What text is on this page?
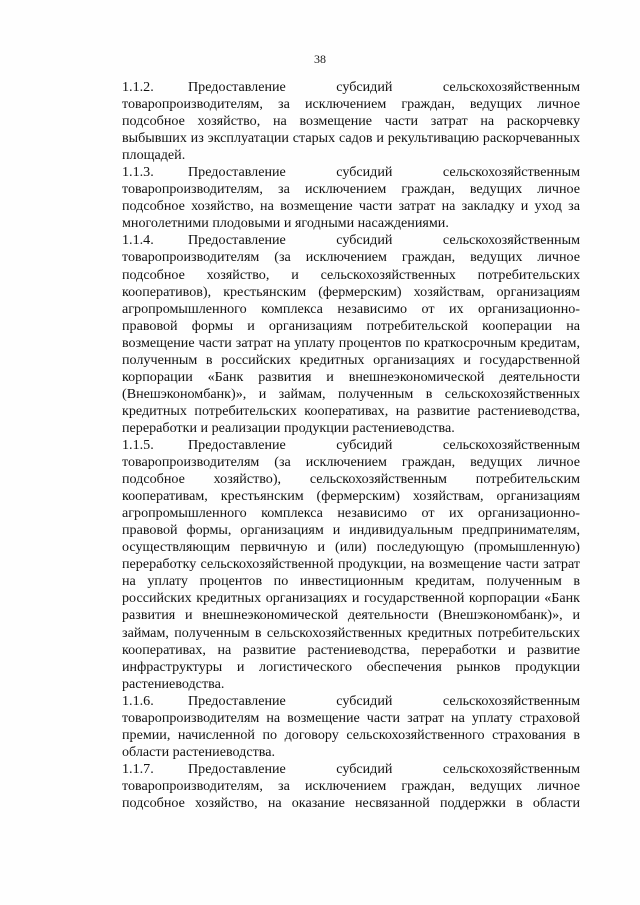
38
1.1.2. Предоставление субсидий сельскохозяйственным
товаропроизводителям, за исключением граждан, ведущих личное подсобное хозяйство, на возмещение части затрат на раскорчевку выбывших из эксплуатации старых садов и рекультивацию раскорчеванных площадей.
1.1.3. Предоставление субсидий сельскохозяйственным
товаропроизводителям, за исключением граждан, ведущих личное подсобное хозяйство, на возмещение части затрат на закладку и уход за многолетними плодовыми и ягодными насаждениями.
1.1.4. Предоставление субсидий сельскохозяйственным
товаропроизводителям (за исключением граждан, ведущих личное подсобное хозяйство, и сельскохозяйственных потребительских кооперативов), крестьянским (фермерским) хозяйствам, организациям агропромышленного комплекса независимо от их организационно-правовой формы и организациям потребительской кооперации на возмещение части затрат на уплату процентов по краткосрочным кредитам, полученным в российских кредитных организациях и государственной корпорации «Банк развития и внешнеэкономической деятельности (Внешэкономбанк)», и займам, полученным в сельскохозяйственных кредитных потребительских кооперативах, на развитие растениеводства, переработки и реализации продукции растениеводства.
1.1.5. Предоставление субсидий сельскохозяйственным
товаропроизводителям (за исключением граждан, ведущих личное подсобное хозяйство), сельскохозяйственным потребительским кооперативам, крестьянским (фермерским) хозяйствам, организациям агропромышленного комплекса независимо от их организационно-правовой формы, организациям и индивидуальным предпринимателям, осуществляющим первичную и (или) последующую (промышленную) переработку сельскохозяйственной продукции, на возмещение части затрат на уплату процентов по инвестиционным кредитам, полученным в российских кредитных организациях и государственной корпорации «Банк развития и внешнеэкономической деятельности (Внешэкономбанк)», и займам, полученным в сельскохозяйственных кредитных потребительских кооперативах, на развитие растениеводства, переработки и развитие инфраструктуры и логистического обеспечения рынков продукции растениеводства.
1.1.6. Предоставление субсидий сельскохозяйственным
товаропроизводителям на возмещение части затрат на уплату страховой премии, начисленной по договору сельскохозяйственного страхования в области растениеводства.
1.1.7. Предоставление субсидий сельскохозяйственным
товаропроизводителям, за исключением граждан, ведущих личное подсобное хозяйство, на оказание несвязанной поддержки в области
